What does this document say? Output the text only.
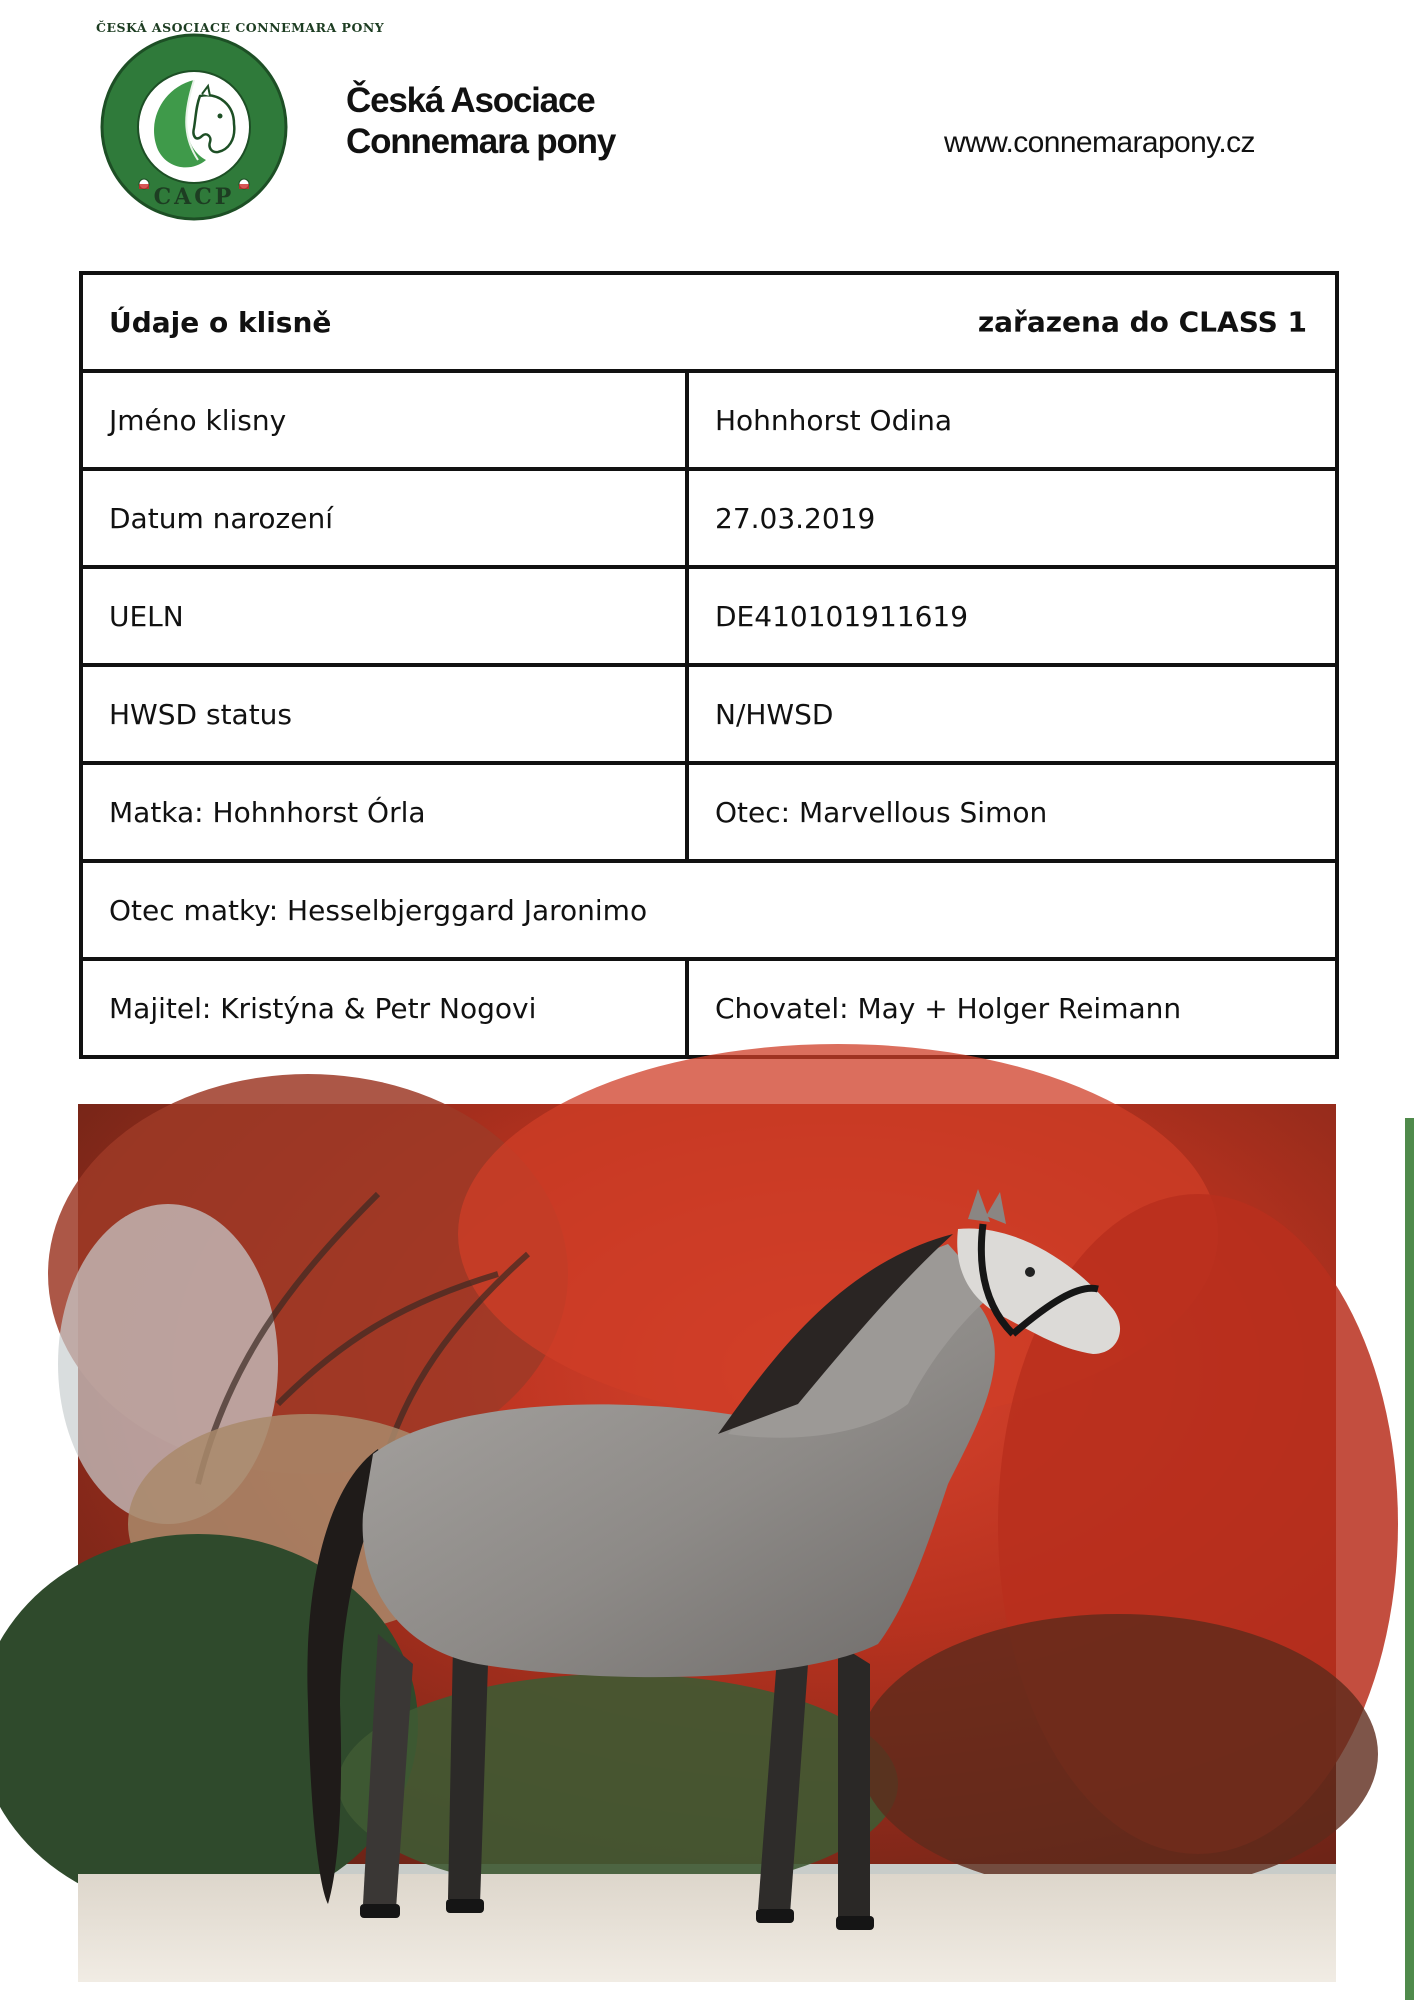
ČESKÁ ASOCIACE CONNEMARA PONY
CACP
Česká Asociace
Connemara pony	www.connemarapony.cz
Údaje o klisně zařazena do CLASS 1	

Jméno klisny	Hohnhorst Odina
Datum narození	27.03.2019
UELN	DE410101911619
HWSD status	N/HWSD
Matka: Hohnhorst Órla	Otec: Marvellous Simon
Otec matky: Hesselbjerggard Jaronimo	
Majitel: Kristýna & Petr Nogovi	Chovatel: May + Holger Reimann
